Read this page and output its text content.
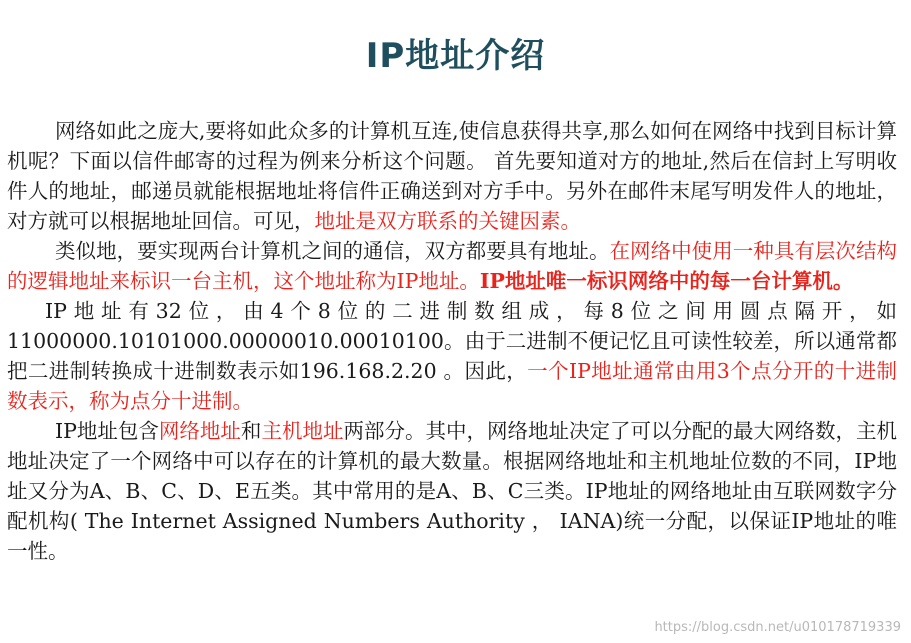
IP地址介绍

网络如此之庞大,要将如此众多的计算机互连,使信息获得共享,那么如何在网络中找到目标计算机呢？下面以信件邮寄的过程为例来分析这个问题。 首先要知道对方的地址,然后在信封上写明收件人的地址，邮递员就能根据地址将信件正确送到对方手中。另外在邮件末尾写明发件人的地址，对方就可以根据地址回信。可见，地址是双方联系的关键因素。

类似地，要实现两台计算机之间的通信，双方都要具有地址。在网络中使用一种具有层次结构的逻辑地址来标识一台主机，这个地址称为IP地址。IP地址唯一标识网络中的每一台计算机。

IP地址有32位，由4个8位的二进制数组成，每8位之间用圆点隔开，如11000000.10101000.00000010.00010100。由于二进制不便记忆且可读性较差，所以通常都把二进制转换成十进制数表示如196.168.2.20 。因此，一个IP地址通常由用3个点分开的十进制数表示，称为点分十进制。

IP地址包含网络地址和主机地址两部分。其中，网络地址决定了可以分配的最大网络数，主机地址决定了一个网络中可以存在的计算机的最大数量。根据网络地址和主机地址位数的不同，IP地址又分为A、B、C、D、E五类。其中常用的是A、B、C三类。IP地址的网络地址由互联网数字分配机构( The Internet Assigned Numbers Authority ， IANA)统一分配，以保证IP地址的唯一性。

https://blog.csdn.net/u010178719339
